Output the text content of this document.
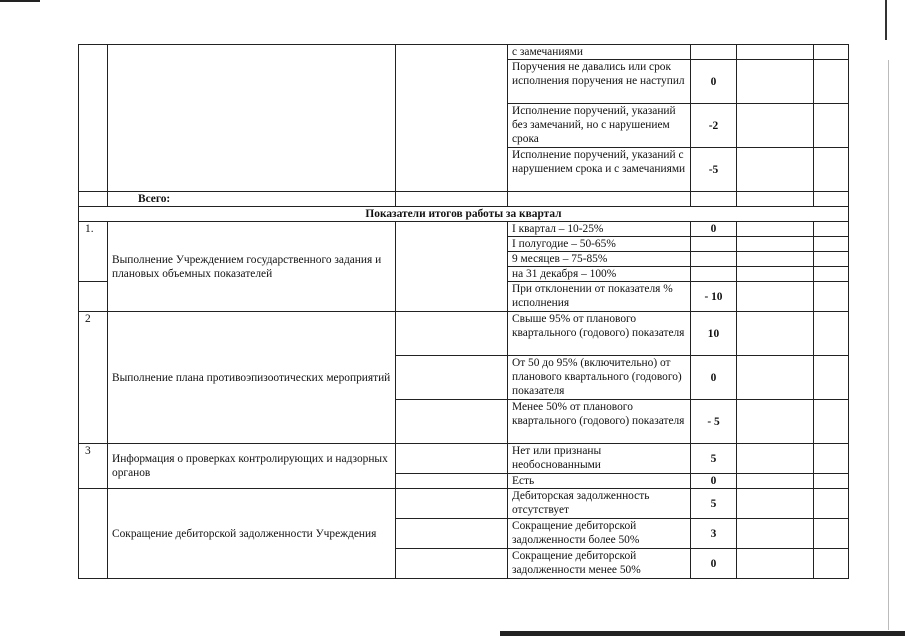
			с замечаниями			
			Поручения не давались или срок исполнения поручения не наступил	0		
			Исполнение поручений, указаний без замечаний, но с нарушением срока	-2		
			Исполнение поручений, указаний с нарушением срока и с замечаниями	-5		
	Всего:					
Показатели итогов работы за квартал						
1.	Выполнение Учреждением государственного задания и плановых объемных показателей		I квартал – 10-25%	0		
			I полугодие – 50-65%			
			9 месяцев – 75-85%			
			на 31 декабря – 100%			
			При отклонении от показателя % исполнения	- 10		
2	Выполнение плана противоэпизоотических мероприятий		Свыше 95% от планового квартального (годового) показателя	10		
			От 50 до 95% (включительно) от планового квартального (годового) показателя	0		
			Менее 50% от планового квартального (годового) показателя	- 5		
3	Информация о проверках контролирующих и надзорных органов		Нет или признаны необоснованными	5		
			Есть	0		
	Сокращение дебиторской задолженности Учреждения		Дебиторская задолженность отсутствует	5		
			Сокращение дебиторской задолженности более 50%	3		
			Сокращение дебиторской задолженности менее 50%	0		
